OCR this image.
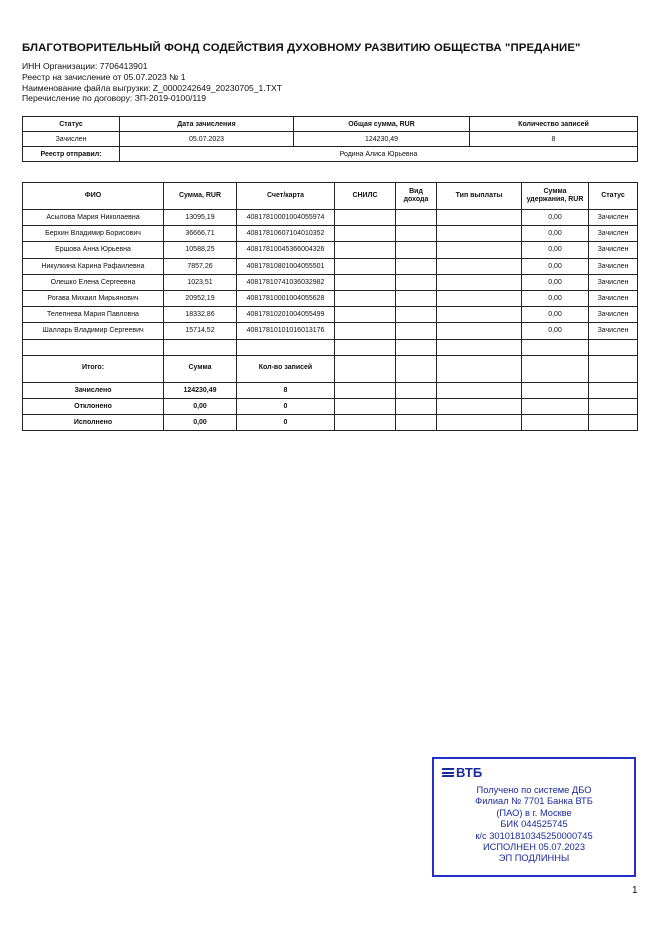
БЛАГОТВОРИТЕЛЬНЫЙ ФОНД СОДЕЙСТВИЯ ДУХОВНОМУ РАЗВИТИЮ ОБЩЕСТВА "ПРЕДАНИЕ"
ИНН Организации: 7706413901
Реестр на зачисление от 05.07.2023 № 1
Наименование файла выгрузки: Z_0000242649_20230705_1.TXT
Перечисление по договору: ЗП-2019-0100/119
Статус	Дата зачисления	Общая сумма, RUR	Количество записей
Зачислен	05.07.2023	124230,49	8
Реестр отправил:	Родина Алиса Юрьевна		
ФИО	Сумма, RUR	Счет/карта	СНИЛС	Вид дохода	Тип выплаты	Сумма удержания, RUR	Статус
Асылова Мария Николаевна	13095,19	40817810001004055974				0,00	Зачислен
Берхин Владимир Борисович	36666,71	40817810607104010352				0,00	Зачислен
Ершова Анна Юрьевна	10588,25	40817810045366004326				0,00	Зачислен
Никулкина Карина Рафаилевна	7857,26	40817810801004055501				0,00	Зачислен
Олешко Елена Сергеевна	1023,51	40817810741036032982				0,00	Зачислен
Рогава Михаил Мирьянович	20952,19	40817810001004055628				0,00	Зачислен
Телепнева Мария Павловна	18332,86	40817810201004055499				0,00	Зачислен
Шалларь Владимир Сергеевич	15714,52	40817810101016013176				0,00	Зачислен

Итого:	Сумма	Кол-во записей					
Зачислено	124230,49	8					
Отклонено	0,00	0					
Исполнено	0,00	0					
ВТБ
Получено по системе ДБО
Филиал № 7701 Банка ВТБ
(ПАО) в г. Москве
БИК 044525745
к/с 30101810345250000745
ИСПОЛНЕН 05.07.2023
ЭП ПОДЛИННЫ
1
